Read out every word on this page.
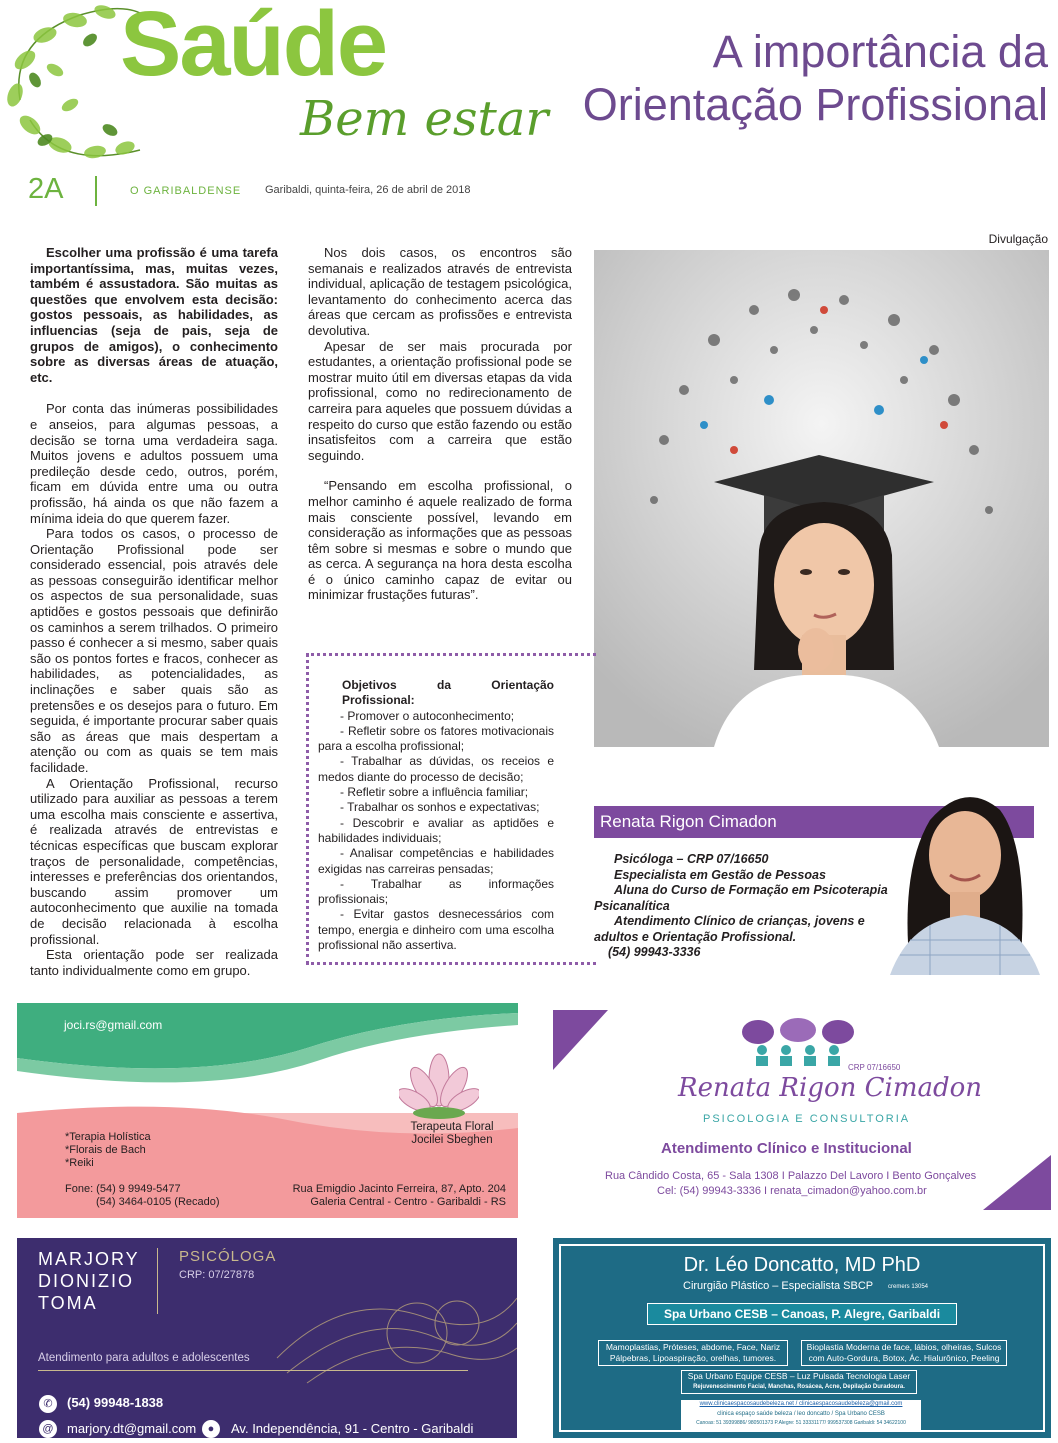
Saúde
Bem estar
A importância da
Orientação Profissional
2A	O GARIBALDENSE Garibaldi, quinta-feira, 26 de abril de 2018

Escolher uma profissão é uma tarefa importantíssima, mas, muitas vezes, também é assustadora. São muitas as questões que envolvem esta decisão: gostos pessoais, as habilidades, as influencias (seja de pais, seja de grupos de amigos), o conhecimento sobre as diversas áreas de atuação, etc.

Por conta das inúmeras possibilidades e anseios, para algumas pessoas, a decisão se torna uma verdadeira saga. Muitos jovens e adultos possuem uma predileção desde cedo, outros, porém, ficam em dúvida entre uma ou outra profissão, há ainda os que não fazem a mínima ideia do que querem fazer.

Para todos os casos, o processo de Orientação Profissional pode ser considerado essencial, pois através dele as pessoas conseguirão identificar melhor os aspectos de sua personalidade, suas aptidões e gostos pessoais que definirão os caminhos a serem trilhados. O primeiro passo é conhecer a si mesmo, saber quais são os pontos fortes e fracos, conhecer as habilidades, as potencialidades, as inclinações e saber quais são as pretensões e os desejos para o futuro. Em seguida, é importante procurar saber quais são as áreas que mais despertam a atenção ou com as quais se tem mais facilidade.

A Orientação Profissional, recurso utilizado para auxiliar as pessoas a terem uma escolha mais consciente e assertiva, é realizada através de entrevistas e técnicas específicas que buscam explorar traços de personalidade, competências, interesses e preferências dos orientandos, buscando assim promover um autoconhecimento que auxilie na tomada de decisão relacionada à escolha profissional.

Esta orientação pode ser realizada tanto individualmente como em grupo.

Nos dois casos, os encontros são semanais e realizados através de entrevista individual, aplicação de testagem psicológica, levantamento do conhecimento acerca das áreas que cercam as profissões e entrevista devolutiva.

Apesar de ser mais procurada por estudantes, a orientação profissional pode se mostrar muito útil em diversas etapas da vida profissional, como no redirecionamento de carreira para aqueles que possuem dúvidas a respeito do curso que estão fazendo ou estão insatisfeitos com a carreira que estão seguindo.

“Pensando em escolha profissional, o melhor caminho é aquele realizado de forma mais consciente possível, levando em consideração as informações que as pessoas têm sobre si mesmas e sobre o mundo que as cerca. A segurança na hora desta escolha é o único caminho capaz de evitar ou minimizar frustações futuras”.

Divulgação
Objetivos da Orientação Profissional:
- Promover o autoconhecimento;
- Refletir sobre os fatores motivacionais para a escolha profissional;
- Trabalhar as dúvidas, os receios e medos diante do processo de decisão;
- Refletir sobre a influência familiar;
- Trabalhar os sonhos e expectativas;
- Descobrir e avaliar as aptidões e habilidades individuais;
- Analisar competências e habilidades exigidas nas carreiras pensadas;
- Trabalhar as informações profissionais;
- Evitar gastos desnecessários com tempo, energia e dinheiro com uma escolha profissional não assertiva.
Renata Rigon Cimadon
Psicóloga – CRP 07/16650
Especialista em Gestão de Pessoas
Aluna do Curso de Formação em Psicoterapia Psicanalítica
Atendimento Clínico de crianças, jovens e adultos e Orientação Profissional.
(54) 99943-3336
joci.rs@gmail.com
Terapeuta Floral
Jocilei Sbeghen
*Terapia Holística
*Florais de Bach
*Reiki
Fone: (54) 9 9949-5477
(54) 3464-0105 (Recado)
Rua Emigdio Jacinto Ferreira, 87, Apto. 204
Galeria Central - Centro - Garibaldi - RS
CRP 07/16650
Renata Rigon Cimadon
PSICOLOGIA E CONSULTORIA
Atendimento Clínico e Institucional
Rua Cândido Costa, 65 - Sala 1308 I Palazzo Del Lavoro I Bento Gonçalves
Cel: (54) 99943-3336 I renata_cimadon@yahoo.com.br
MARJORY
DIONIZIO
TOMA
PSICÓLOGA
CRP: 07/27878
Atendimento para adultos e adolescentes
✆	(54) 99948-1838
@ marjory.dt@gmail.com	●	Av. Independência, 91 - Centro - Garibaldi
Dr. Léo Doncatto, MD PhD
Cirurgião Plástico – Especialista SBCP cremers 13054
Spa Urbano CESB – Canoas, P. Alegre, Garibaldi
Mamoplastias, Próteses, abdome, Face, Nariz Pálpebras, Lipoaspiração, orelhas, tumores.
Bioplastia Moderna de face, lábios, olheiras, Sulcos com Auto-Gordura, Botox, Ác. Hialurônico, Peeling
Spa Urbano Equipe CESB – Luz Pulsada Tecnologia Laser
Rejuvenescimento Facial, Manchas, Rosácea, Acne, Depilação Duradoura.
www.clinicaespacosaudebeleza.net / clinicaespacosaudebeleza@gmail.com
clinica espaço saúde beleza / leo doncatto / Spa Urbano CESB
Canoas: 51 39399886/ 980501373 P.Alegre: 51 33331177/ 999537308 Garibaldi: 54 34622100
